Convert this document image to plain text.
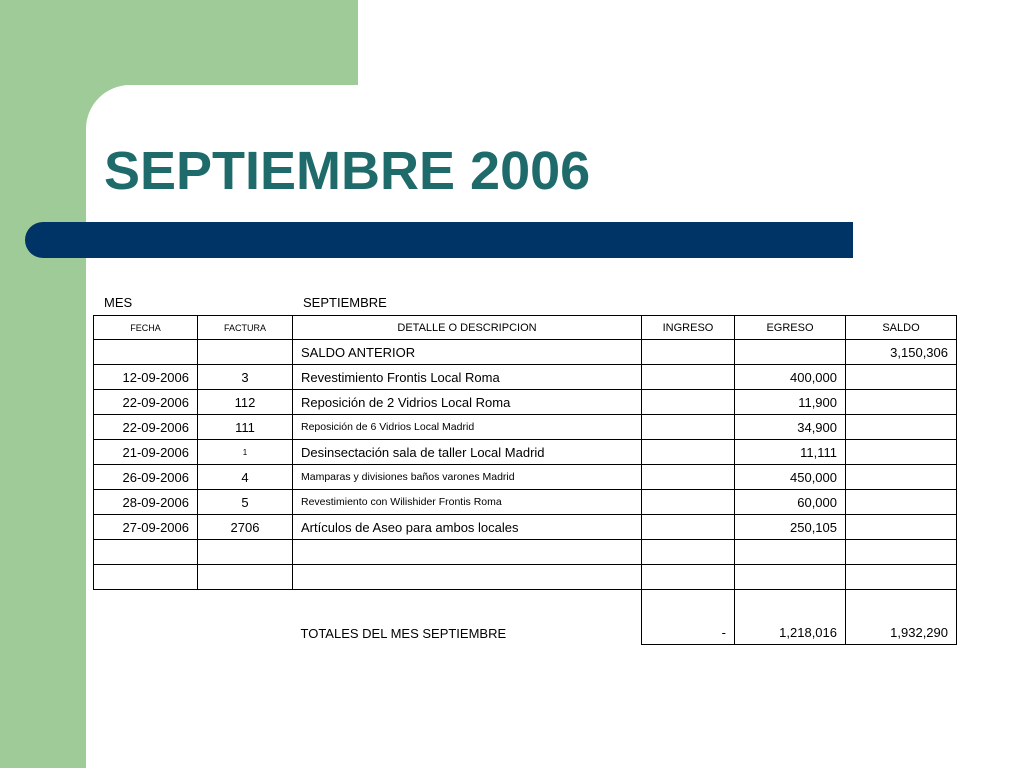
SEPTIEMBRE 2006
MES	SEPTIEMBRE
FECHA	FACTURA	DETALLE O DESCRIPCION	INGRESO	EGRESO	SALDO
		SALDO ANTERIOR			3,150,306
12-09-2006	3	Revestimiento Frontis Local Roma		400,000	
22-09-2006	112	Reposición de 2 Vidrios Local Roma		11,900	
22-09-2006	111	Reposición de 6 Vidrios Local Madrid		34,900	
21-09-2006	1	Desinsectación sala de taller Local Madrid		11,111	
26-09-2006	4	Mamparas y divisiones baños varones Madrid		450,000	
28-09-2006	5	Revestimiento con Wilishider Frontis Roma		60,000	
27-09-2006	2706	Artículos de Aseo para ambos locales		250,105	

		TOTALES DEL MES SEPTIEMBRE	-	1,218,016	1,932,290
